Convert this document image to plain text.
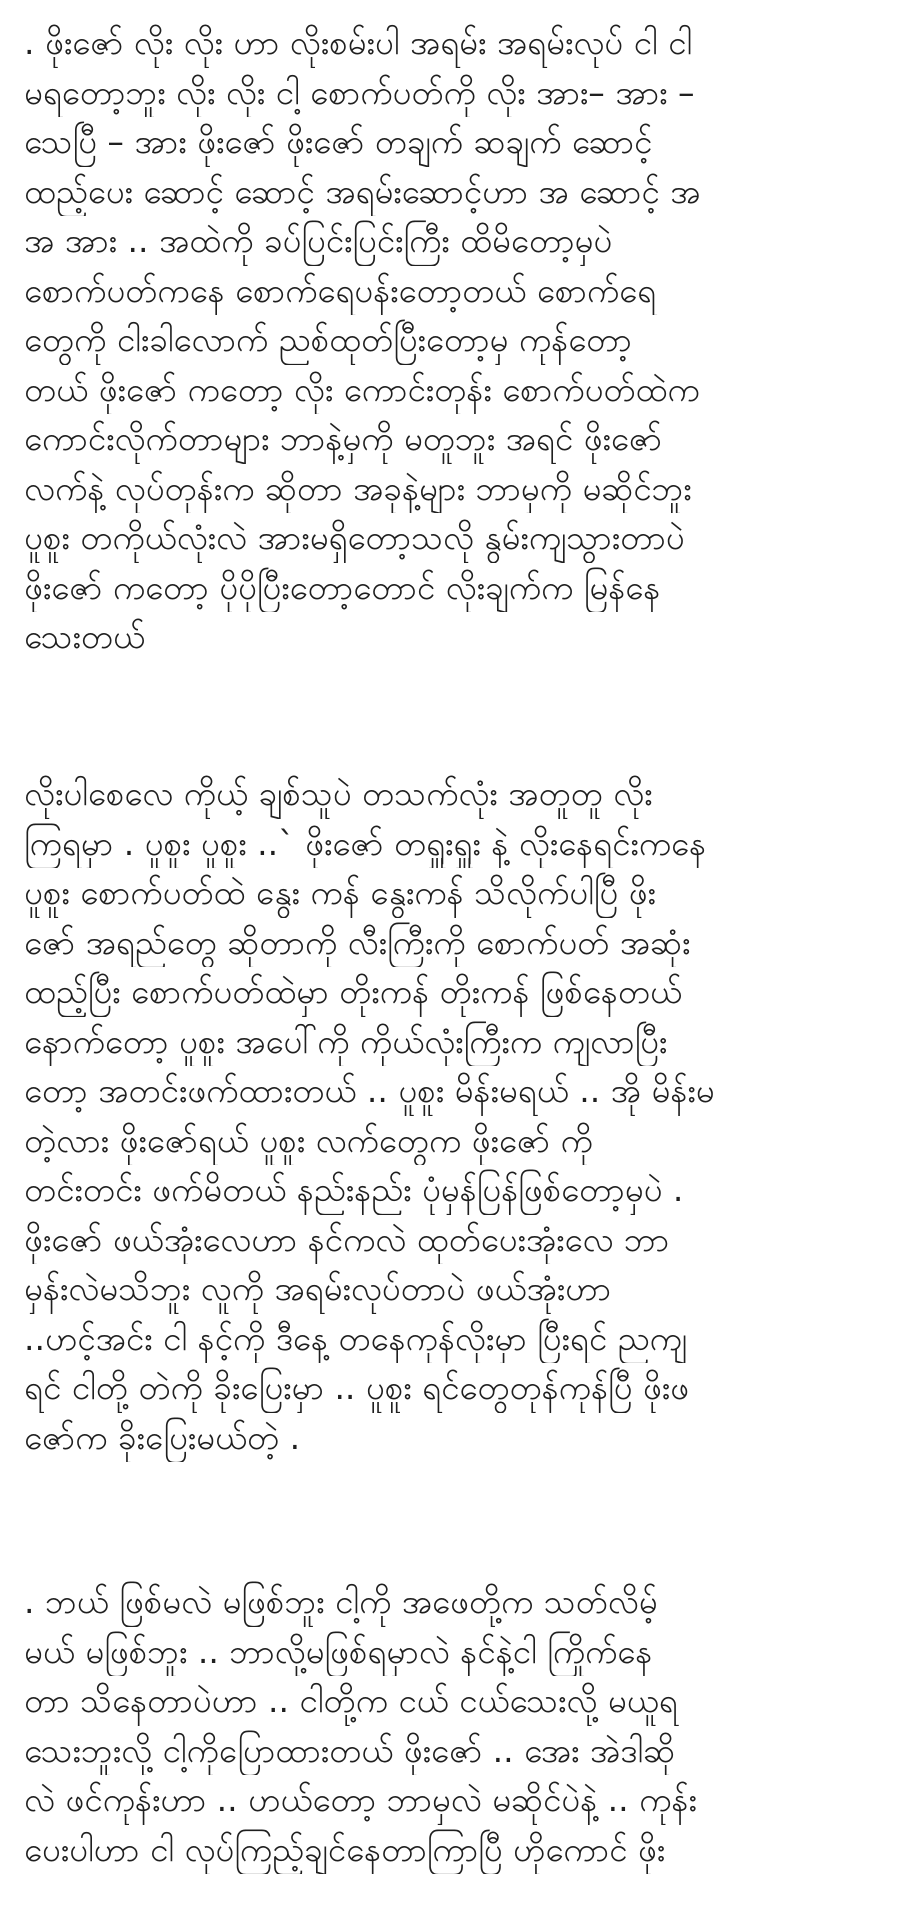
. ဖိုးဇော် လိုး လိုး ဟာ လိုးစမ်းပါ အရမ်း အရမ်းလုပ် ငါ ငါ
မရတော့ဘူး လိုး လိုး ငါ့ စောက်ပတ်ကို လိုး အား– အား –
သေပြီ – အား ဖိုးဇော် ဖိုးဇော် တချက် ဆချက် ဆောင့်
ထည့်ပေး ဆောင့် ဆောင့် အရမ်းဆောင့်ဟာ အ ဆောင့် အ
အ အား .. အထဲကို ခပ်ပြင်းပြင်းကြီး ထိမိတော့မှပဲ
စောက်ပတ်ကနေ စောက်ရေပန်းတော့တယ် စောက်ရေ
တွေကို ငါးခါလောက် ညစ်ထုတ်ပြီးတော့မှ ကုန်တော့
တယ် ဖိုးဇော် ကတော့ လိုး ကောင်းတုန်း စောက်ပတ်ထဲက
ကောင်းလိုက်တာများ ဘာနဲ့မှကို မတူဘူး အရင် ဖိုးဇော်
လက်နဲ့ လုပ်တုန်းက ဆိုတာ အခုနဲ့များ ဘာမှကို မဆိုင်ဘူး
ပူစူး တကိုယ်လုံးလဲ အားမရှိတော့သလို နွမ်းကျသွားတာပဲ
ဖိုးဇော် ကတော့ ပိုပိုပြီးတော့တောင် လိုးချက်က မြန်နေ
သေးတယ်
လိုးပါစေလေ ကိုယ့် ချစ်သူပဲ တသက်လုံး အတူတူ လိုး
ကြရမှာ . ပူစူး ပူစူး ..` ဖိုးဇော် တရှူးရှူး နဲ့ လိုးနေရင်းကနေ
ပူစူး စောက်ပတ်ထဲ နွေး ကန် နွေးကန် သိလိုက်ပါပြီ ဖိုး
ဇော် အရည်တွေ ဆိုတာကို လီးကြီးကို စောက်ပတ် အဆုံး
ထည့်ပြီး စောက်ပတ်ထဲမှာ တိုးကန် တိုးကန် ဖြစ်နေတယ်
နောက်တော့ ပူစူး အပေါ်ကို ကိုယ်လုံးကြီးက ကျလာပြီး
တော့ အတင်းဖက်ထားတယ် .. ပူစူး မိန်းမရယ် .. အို မိန်းမ
တဲ့လား ဖိုးဇော်ရယ် ပူစူး လက်တွေက ဖိုးဇော် ကို
တင်းတင်း ဖက်မိတယ် နည်းနည်း ပုံမှန်ပြန်ဖြစ်တော့မှပဲ .
ဖိုးဇော် ဖယ်အုံးလေဟာ နင်ကလဲ ထုတ်ပေးအုံးလေ ဘာ
မှန်းလဲမသိဘူး လူကို အရမ်းလုပ်တာပဲ ဖယ်အုံးဟာ
..ဟင့်အင်း ငါ နင့်ကို ဒီနေ့ တနေကုန်လိုးမှာ ပြီးရင် ညကျ
ရင် ငါတို့ တဲကို ခိုးပြေးမှာ .. ပူစူး ရင်တွေတုန်ကုန်ပြီ ဖိုးဖ
ဇော်က ခိုးပြေးမယ်တဲ့ .
. ဘယ် ဖြစ်မလဲ မဖြစ်ဘူး ငါ့ကို အဖေတို့က သတ်လိမ့်
မယ် မဖြစ်ဘူး .. ဘာလို့မဖြစ်ရမှာလဲ နင်နဲ့ငါ ကြိုက်နေ
တာ သိနေတာပဲဟာ .. ငါတို့က ငယ် ငယ်သေးလို့ မယူရ
သေးဘူးလို့ ငါ့ကိုပြောထားတယ် ဖိုးဇော် .. အေး အဲဒါဆို
လဲ ဖင်ကုန်းဟာ .. ဟယ်တော့ ဘာမှလဲ မဆိုင်ပဲနဲ့ .. ကုန်း
ပေးပါဟာ ငါ လုပ်ကြည့်ချင်နေတာကြာပြီ ဟိုကောင် ဖိုး
